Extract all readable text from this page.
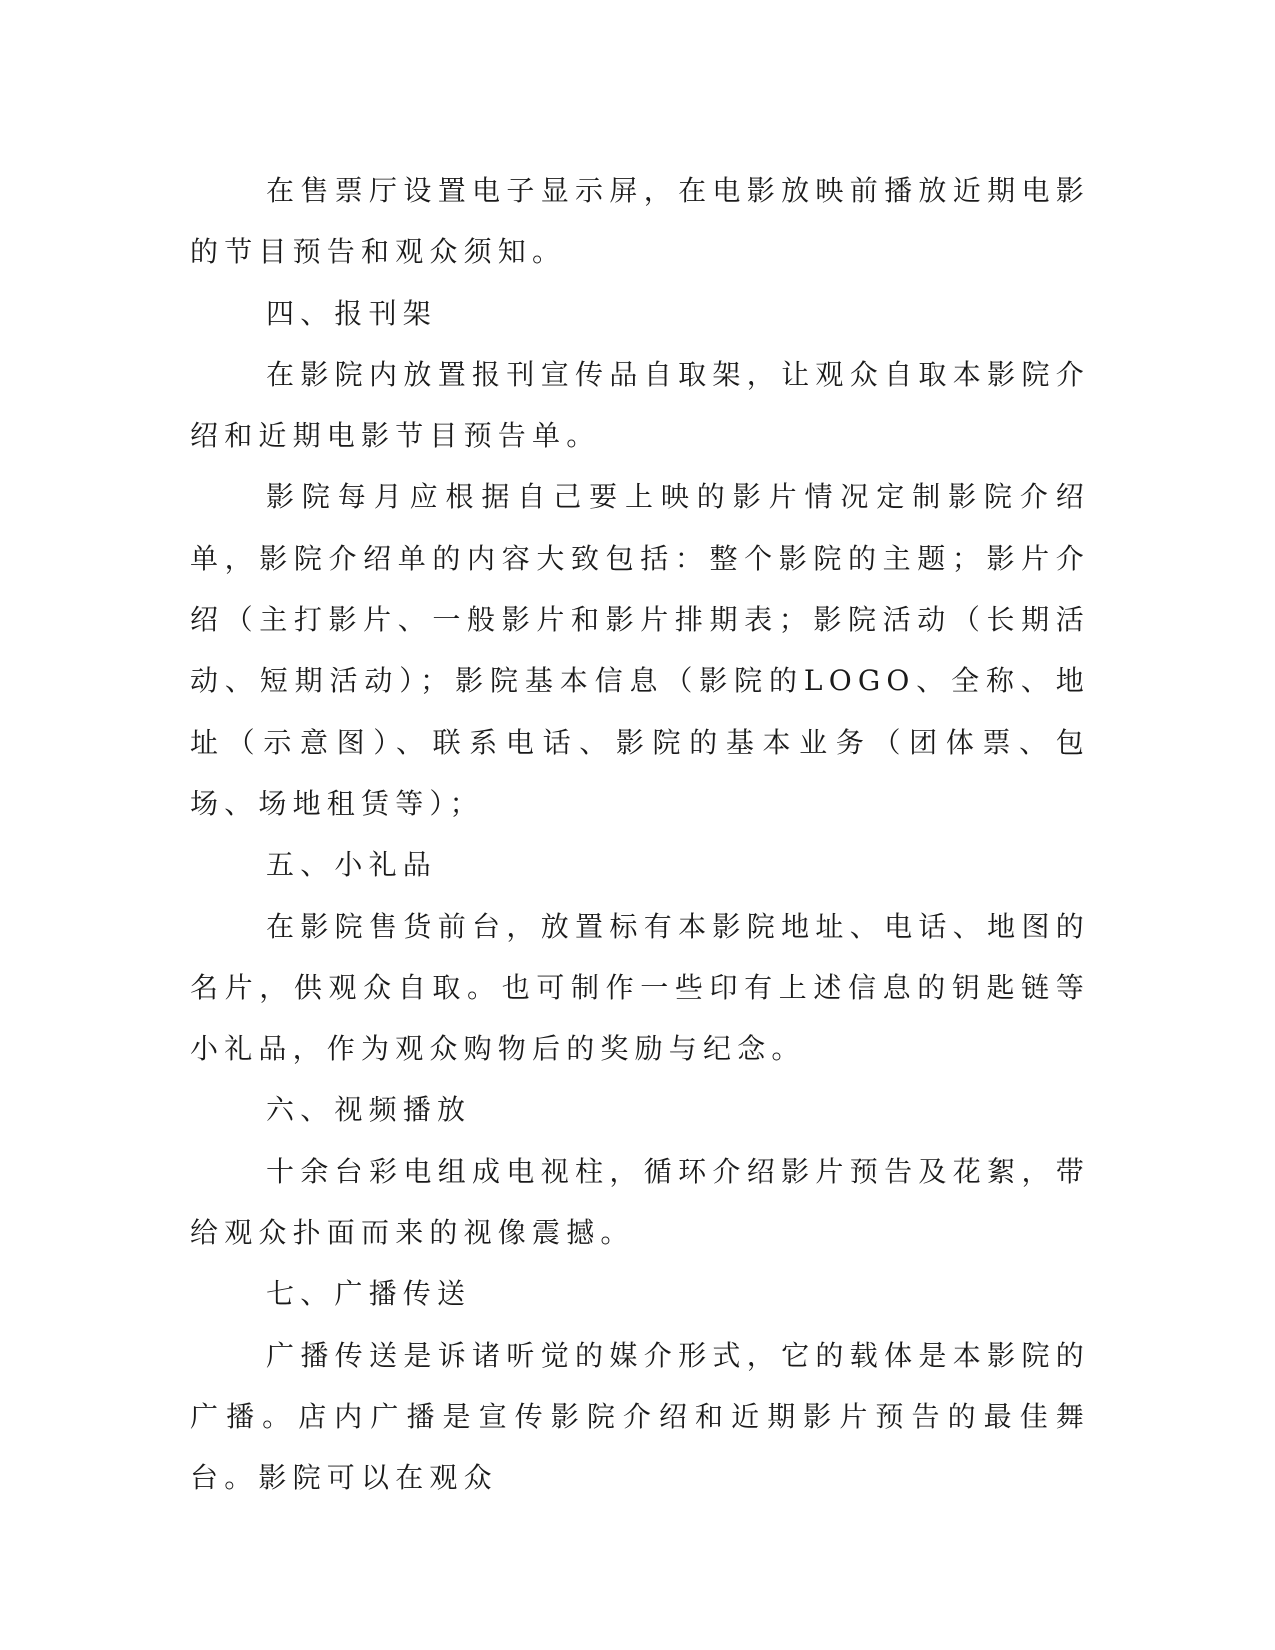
在售票厅设置电子显示屏，在电影放映前播放近期电影的节目预告和观众须知。

四、报刊架

在影院内放置报刊宣传品自取架，让观众自取本影院介绍和近期电影节目预告单。

影院每月应根据自己要上映的影片情况定制影院介绍单，影院介绍单的内容大致包括：整个影院的主题；影片介绍（主打影片、一般影片和影片排期表；影院活动（长期活动、短期活动）；影院基本信息（影院的LOGO、全称、地址（示意图）、联系电话、影院的基本业务（团体票、包场、场地租赁等）；

五、小礼品

在影院售货前台，放置标有本影院地址、电话、地图的名片，供观众自取。也可制作一些印有上述信息的钥匙链等小礼品，作为观众购物后的奖励与纪念。

六、视频播放

十余台彩电组成电视柱，循环介绍影片预告及花絮，带给观众扑面而来的视像震撼。

七、广播传送

广播传送是诉诸听觉的媒介形式，它的载体是本影院的广播。店内广播是宣传影院介绍和近期影片预告的最佳舞台。影院可以在观众
